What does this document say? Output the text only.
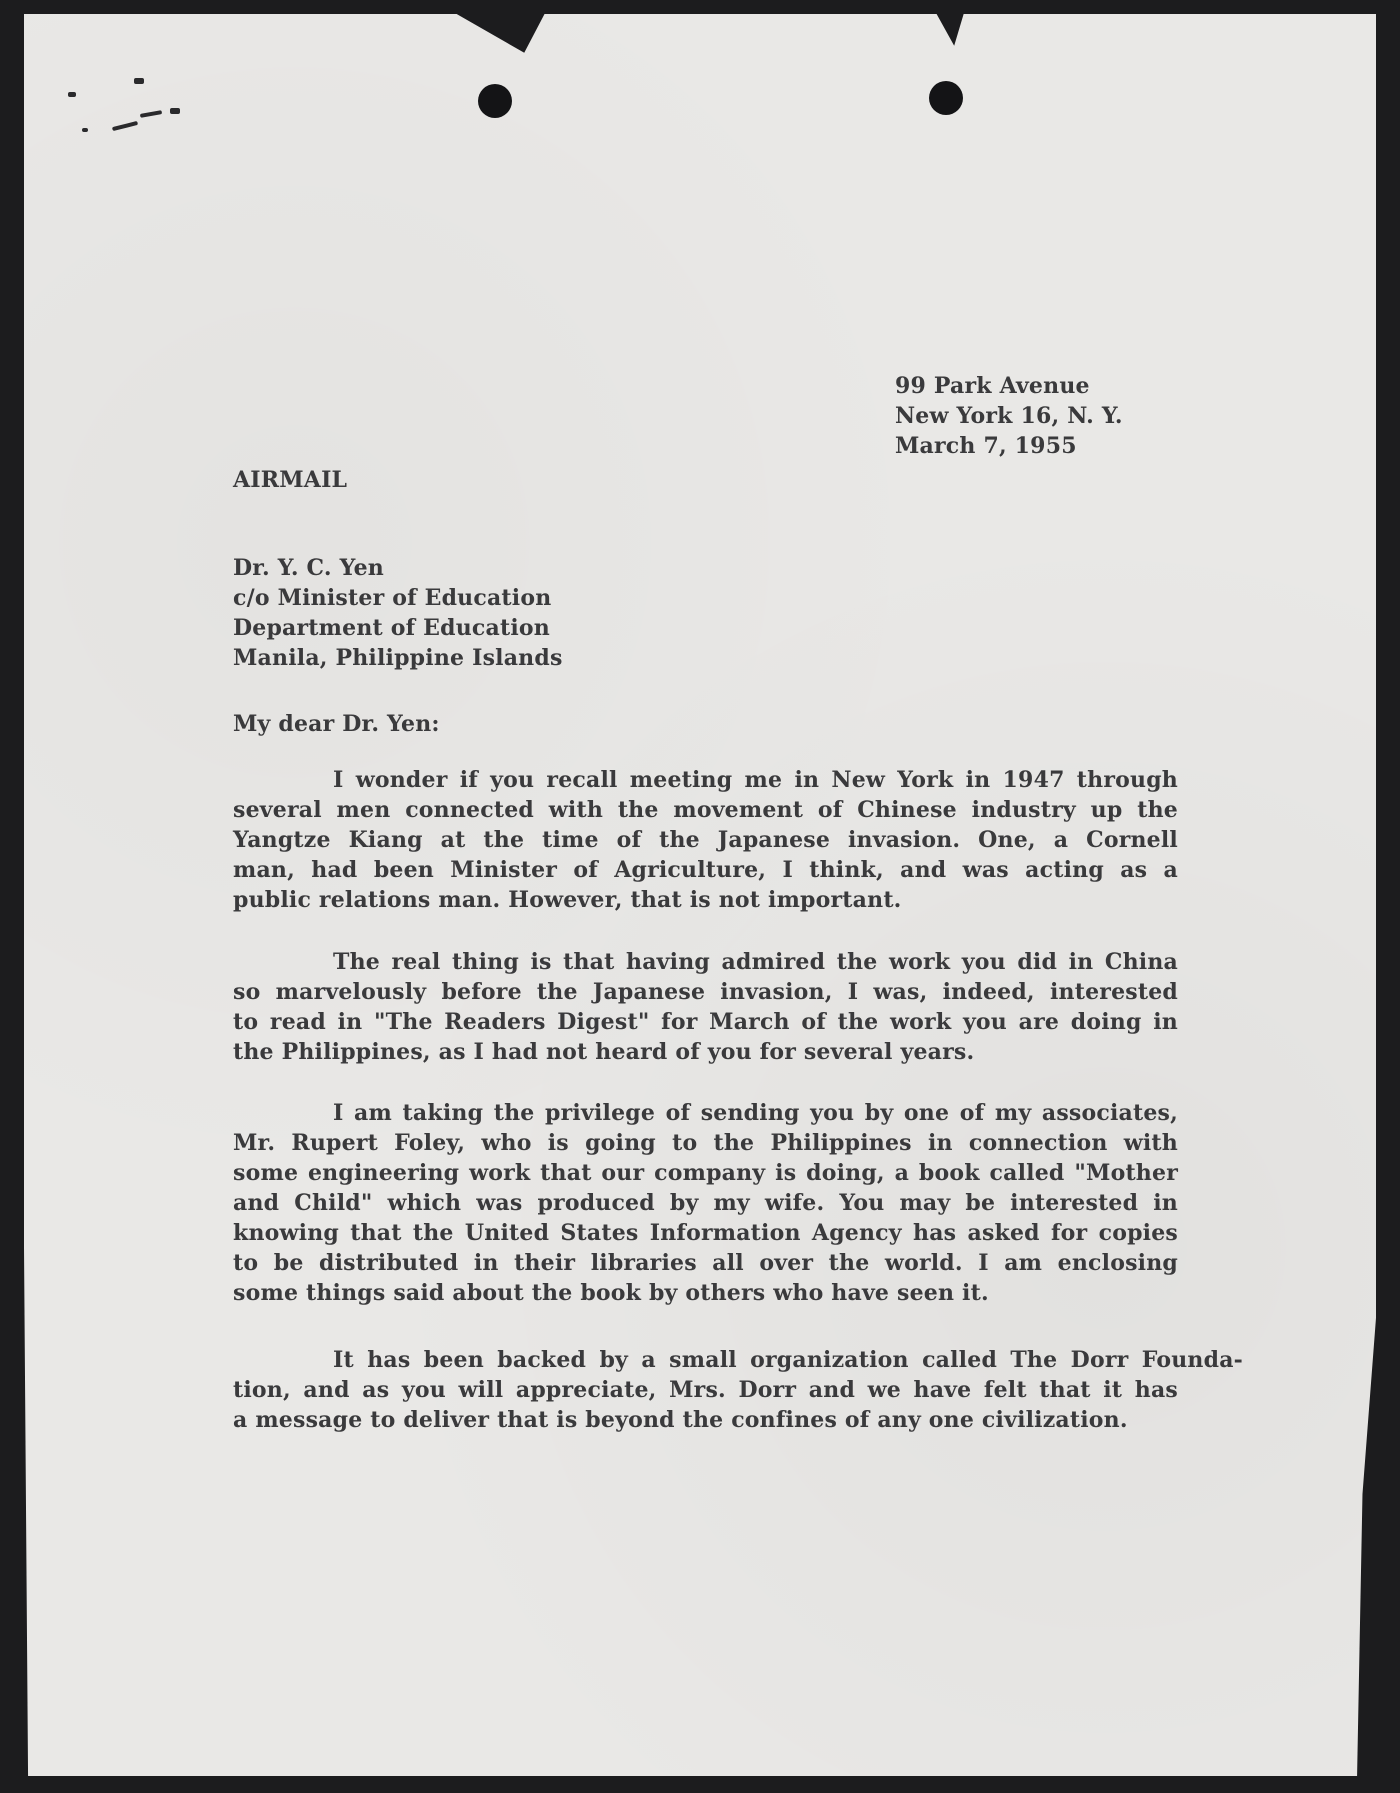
99 Park Avenue
New York 16, N. Y.
March 7, 1955
AIRMAIL
Dr. Y. C. Yen
c/o Minister of Education
Department of Education
Manila, Philippine Islands
My dear Dr. Yen:
I wonder if you recall meeting me in New York in 1947 through
several men connected with the movement of Chinese industry up the
Yangtze Kiang at the time of the Japanese invasion. One, a Cornell
man, had been Minister of Agriculture, I think, and was acting as a
public relations man. However, that is not important.
The real thing is that having admired the work you did in China
so marvelously before the Japanese invasion, I was, indeed, interested
to read in "The Readers Digest" for March of the work you are doing in
the Philippines, as I had not heard of you for several years.
I am taking the privilege of sending you by one of my associates,
Mr. Rupert Foley, who is going to the Philippines in connection with
some engineering work that our company is doing, a book called "Mother
and Child" which was produced by my wife. You may be interested in
knowing that the United States Information Agency has asked for copies
to be distributed in their libraries all over the world. I am enclosing
some things said about the book by others who have seen it.
It has been backed by a small organization called The Dorr Founda-
tion, and as you will appreciate, Mrs. Dorr and we have felt that it has
a message to deliver that is beyond the confines of any one civilization.
